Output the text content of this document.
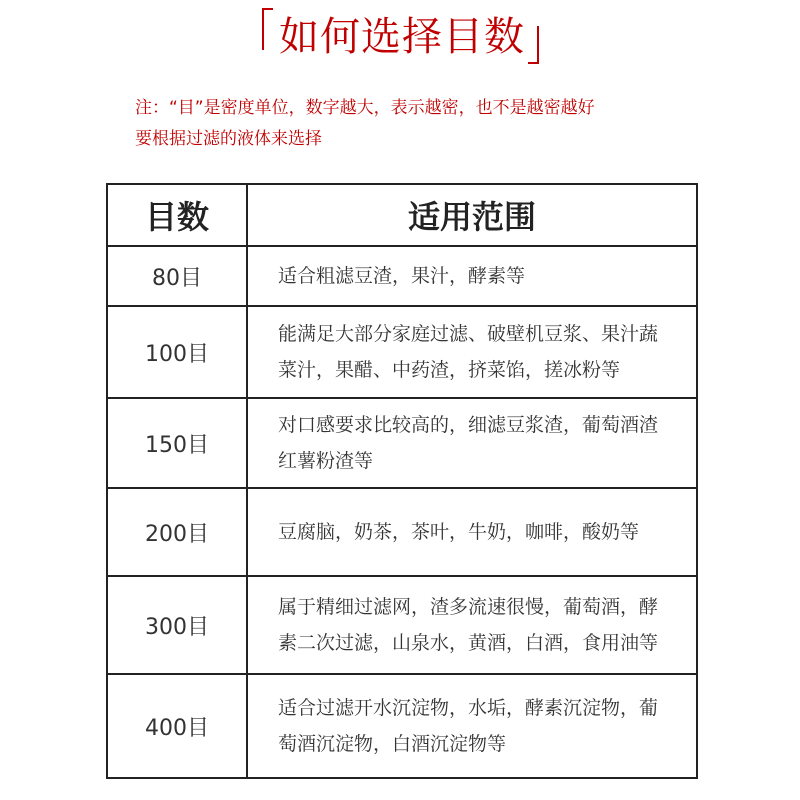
如何选择目数
注：“目”是密度单位，数字越大，表示越密，也不是越密越好
要根据过滤的液体来选择
目数	适用范围
80目	适合粗滤豆渣，果汁，酵素等

100目	能满足大部分家庭过滤、破壁机豆浆、果汁蔬
菜汁，果醋、中药渣，挤菜馅，搓冰粉等

150目	对口感要求比较高的，细滤豆浆渣，葡萄酒渣
红薯粉渣等

200目	豆腐脑，奶茶，茶叶，牛奶，咖啡，酸奶等

300目	属于精细过滤网，渣多流速很慢，葡萄酒，酵
素二次过滤，山泉水，黄酒，白酒，食用油等

400目	适合过滤开水沉淀物，水垢，酵素沉淀物，葡
萄酒沉淀物，白酒沉淀物等
